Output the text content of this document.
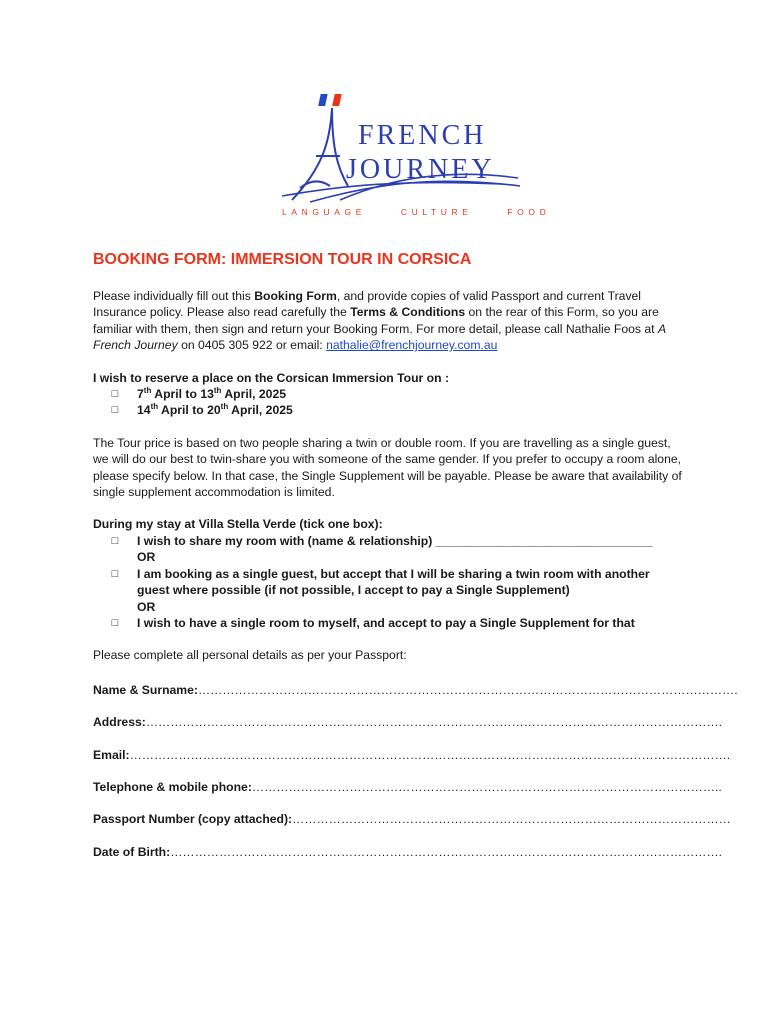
FRENCH
JOURNEY
LANGUAGE     CULTURE     FOOD
BOOKING FORM: IMMERSION TOUR IN CORSICA

Please individually fill out this Booking Form, and provide copies of valid Passport and current Travel Insurance policy. Please also read carefully the Terms & Conditions on the rear of this Form, so you are familiar with them, then sign and return your Booking Form. For more detail, please call Nathalie Foos at A French Journey on 0405 305 922 or email: nathalie@frenchjourney.com.au

I wish to reserve a place on the Corsican Immersion Tour on :

□	7th April to 13th April, 2025
□	14th April to 20th April, 2025

The Tour price is based on two people sharing a twin or double room. If you are travelling as a single guest, we will do our best to twin-share you with someone of the same gender. If you prefer to occupy a room alone, please specify below. In that case, the Single Supplement will be payable. Please be aware that availability of single supplement accommodation is limited.

During my stay at Villa Stella Verde (tick one box):

□	I wish to share my room with (name & relationship) ________________________________
OR
□	I am booking as a single guest, but accept that I will be sharing a twin room with another guest where possible (if not possible, I accept to pay a Single Supplement)
OR
□	I wish to have a single room to myself, and accept to pay a Single Supplement for that

Please complete all personal details as per your Passport:

Name & Surname:…………………………………………………………………………………………………………………….
Address:…………………………………………………………………………………………………………………………….
Email:………………………………………………………………………………………………………………………………….
Telephone & mobile phone:……………………………………………………………………………………………………..
Passport Number (copy attached):………………………………………………………………………………………………
Date of Birth:……………………………………………………………………………………………………………………….
